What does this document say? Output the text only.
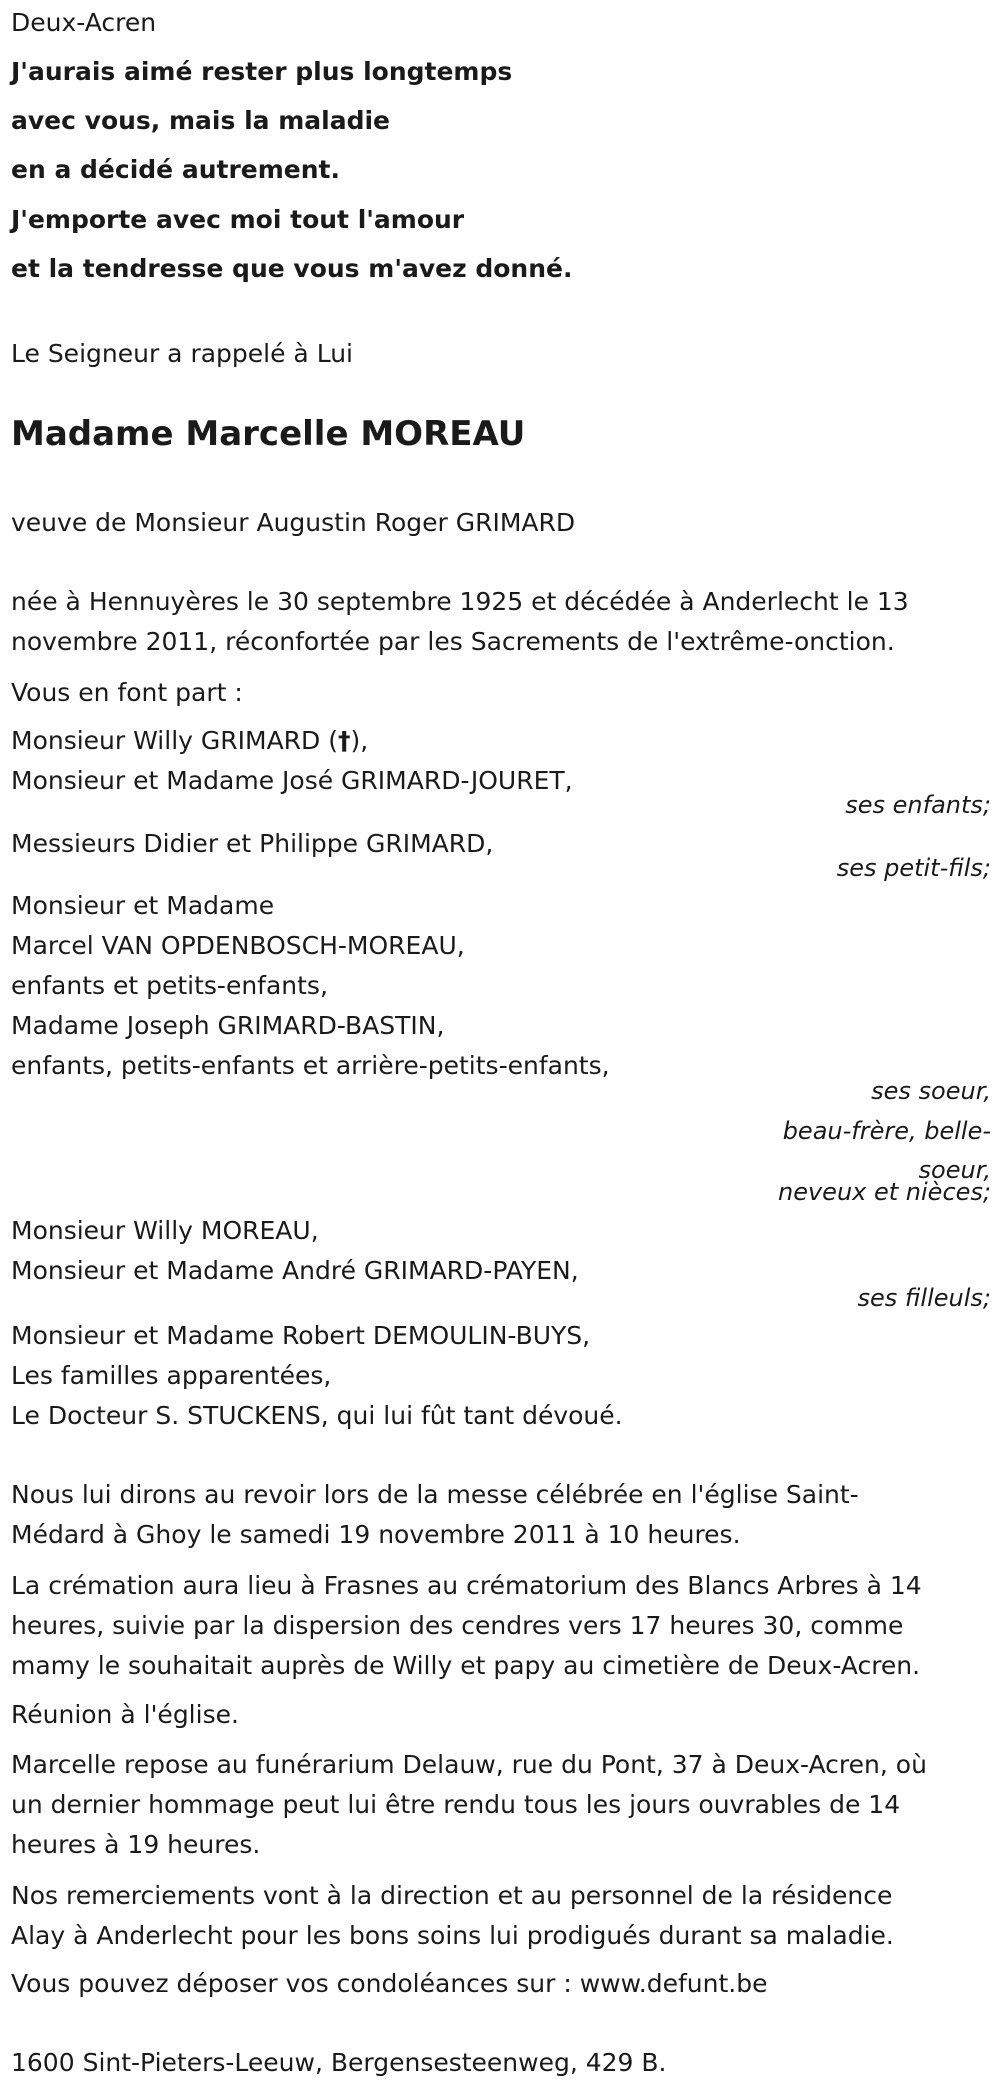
Deux-Acren
J'aurais aimé rester plus longtemps
avec vous, mais la maladie
en a décidé autrement.
J'emporte avec moi tout l'amour
et la tendresse que vous m'avez donné.
Le Seigneur a rappelé à Lui
Madame Marcelle MOREAU
veuve de Monsieur Augustin Roger GRIMARD
née à Hennuyères le 30 septembre 1925 et décédée à Anderlecht le 13
novembre 2011, réconfortée par les Sacrements de l'extrême-onction.
Vous en font part :
Monsieur Willy GRIMARD (†),
Monsieur et Madame José GRIMARD-JOURET,
ses enfants;
Messieurs Didier et Philippe GRIMARD,
ses petit-fils;
Monsieur et Madame
Marcel VAN OPDENBOSCH-MOREAU,
enfants et petits-enfants,
Madame Joseph GRIMARD-BASTIN,
enfants, petits-enfants et arrière-petits-enfants,
ses soeur,
beau-frère, belle-
soeur,
neveux et nièces;
Monsieur Willy MOREAU,
Monsieur et Madame André GRIMARD-PAYEN,
ses filleuls;
Monsieur et Madame Robert DEMOULIN-BUYS,
Les familles apparentées,
Le Docteur S. STUCKENS, qui lui fût tant dévoué.
Nous lui dirons au revoir lors de la messe célébrée en l'église Saint-
Médard à Ghoy le samedi 19 novembre 2011 à 10 heures.
La crémation aura lieu à Frasnes au crématorium des Blancs Arbres à 14
heures, suivie par la dispersion des cendres vers 17 heures 30, comme
mamy le souhaitait auprès de Willy et papy au cimetière de Deux-Acren.
Réunion à l'église.
Marcelle repose au funérarium Delauw, rue du Pont, 37 à Deux-Acren, où
un dernier hommage peut lui être rendu tous les jours ouvrables de 14
heures à 19 heures.
Nos remerciements vont à la direction et au personnel de la résidence
Alay à Anderlecht pour les bons soins lui prodigués durant sa maladie.
Vous pouvez déposer vos condoléances sur : www.defunt.be
1600 Sint-Pieters-Leeuw, Bergensesteenweg, 429 B.
